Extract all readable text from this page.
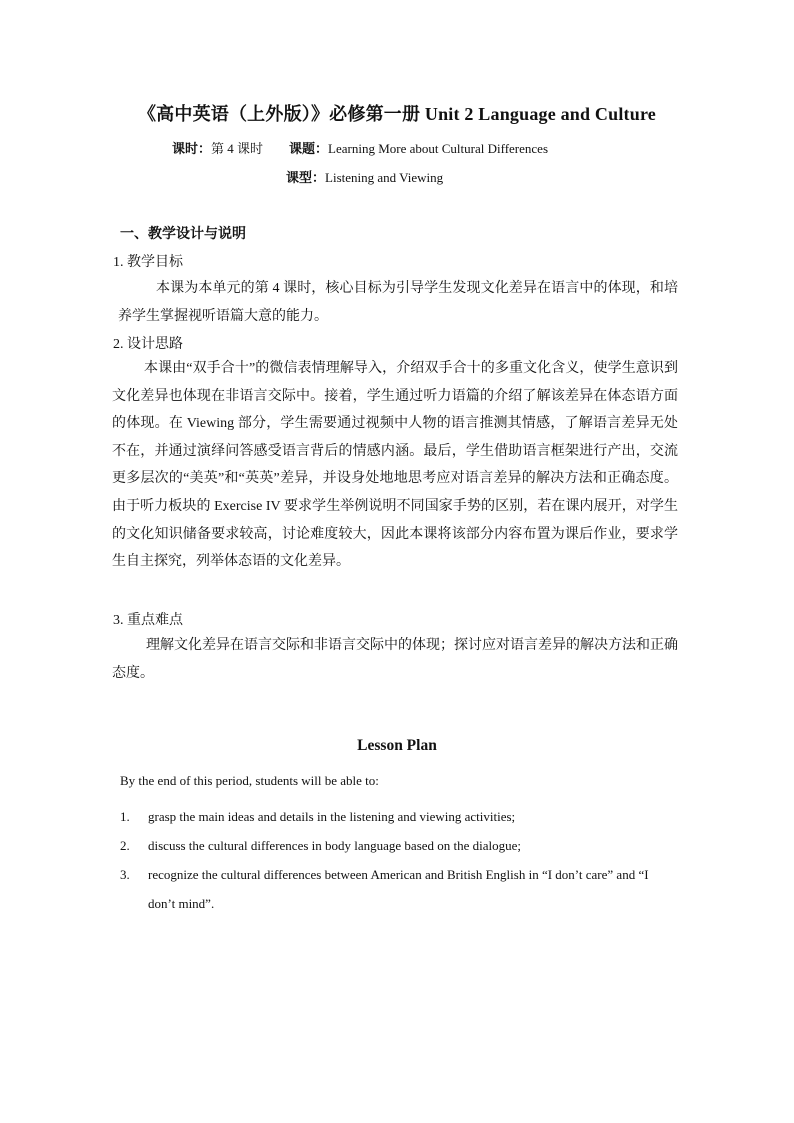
《高中英语（上外版）》必修第一册 Unit 2 Language and Culture
课时：第 4 课时 课题：Learning More about Cultural Differences
课型：Listening and Viewing
一、教学设计与说明
1. 教学目标

本课为本单元的第 4 课时，核心目标为引导学生发现文化差异在语言中的体现，和培养学生掌握视听语篇大意的能力。

2. 设计思路

本课由“双手合十”的微信表情理解导入，介绍双手合十的多重文化含义，使学生意识到文化差异也体现在非语言交际中。接着，学生通过听力语篇的介绍了解该差异在体态语方面的体现。在 Viewing 部分，学生需要通过视频中人物的语言推测其情感，了解语言差异无处不在，并通过演绎问答感受语言背后的情感内涵。最后，学生借助语言框架进行产出，交流更多层次的“美英”和“英英”差异，并设身处地地思考应对语言差异的解决方法和正确态度。由于听力板块的 Exercise IV 要求学生举例说明不同国家手势的区别，若在课内展开，对学生的文化知识储备要求较高，讨论难度较大，因此本课将该部分内容布置为课后作业，要求学生自主探究，列举体态语的文化差异。

3. 重点难点

理解文化差异在语言交际和非语言交际中的体现；探讨应对语言差异的解决方法和正确态度。

Lesson Plan
By the end of this period, students will be able to:
1. grasp the main ideas and details in the listening and viewing activities;
2. discuss the cultural differences in body language based on the dialogue;
3. recognize the cultural differences between American and British English in “I don’t care” and “I don’t mind”.
